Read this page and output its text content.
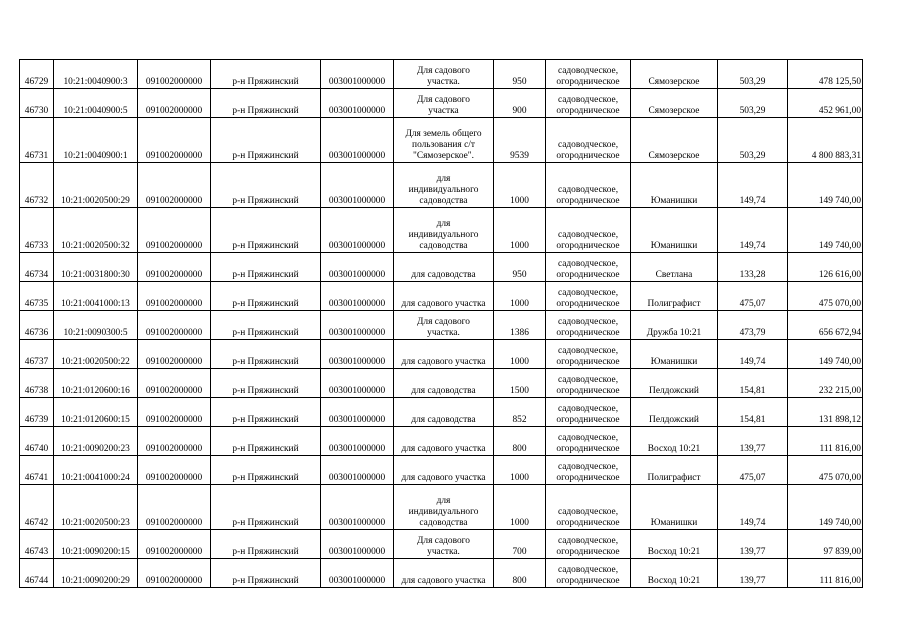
46729	10:21:0040900:3	091002000000	р-н Пряжинский	003001000000	Для садового
участка.	950	садоводческое,
огородническое	Сямозерское	503,29	478 125,50
46730	10:21:0040900:5	091002000000	р-н Пряжинский	003001000000	Для садового
участка	900	садоводческое,
огородническое	Сямозерское	503,29	452 961,00
46731	10:21:0040900:1	091002000000	р-н Пряжинский	003001000000	Для земель общего
пользования с/т
"Сямозерское".	9539	садоводческое,
огородническое	Сямозерское	503,29	4 800 883,31
46732	10:21:0020500:29	091002000000	р-н Пряжинский	003001000000	для
индивидуального
садоводства	1000	садоводческое,
огородническое	Юманишки	149,74	149 740,00
46733	10:21:0020500:32	091002000000	р-н Пряжинский	003001000000	для
индивидуального
садоводства	1000	садоводческое,
огородническое	Юманишки	149,74	149 740,00
46734	10:21:0031800:30	091002000000	р-н Пряжинский	003001000000	для садоводства	950	садоводческое,
огородническое	Светлана	133,28	126 616,00
46735	10:21:0041000:13	091002000000	р-н Пряжинский	003001000000	для садового участка	1000	садоводческое,
огородническое	Полиграфист	475,07	475 070,00
46736	10:21:0090300:5	091002000000	р-н Пряжинский	003001000000	Для садового
участка.	1386	садоводческое,
огородническое	Дружба 10:21	473,79	656 672,94
46737	10:21:0020500:22	091002000000	р-н Пряжинский	003001000000	для садового участка	1000	садоводческое,
огородническое	Юманишки	149,74	149 740,00
46738	10:21:0120600:16	091002000000	р-н Пряжинский	003001000000	для садоводства	1500	садоводческое,
огородническое	Пелдожский	154,81	232 215,00
46739	10:21:0120600:15	091002000000	р-н Пряжинский	003001000000	для садоводства	852	садоводческое,
огородническое	Пелдожский	154,81	131 898,12
46740	10:21:0090200:23	091002000000	р-н Пряжинский	003001000000	для садового участка	800	садоводческое,
огородническое	Восход 10:21	139,77	111 816,00
46741	10:21:0041000:24	091002000000	р-н Пряжинский	003001000000	для садового участка	1000	садоводческое,
огородническое	Полиграфист	475,07	475 070,00
46742	10:21:0020500:23	091002000000	р-н Пряжинский	003001000000	для
индивидуального
садоводства	1000	садоводческое,
огородническое	Юманишки	149,74	149 740,00
46743	10:21:0090200:15	091002000000	р-н Пряжинский	003001000000	Для садового
участка.	700	садоводческое,
огородническое	Восход 10:21	139,77	97 839,00
46744	10:21:0090200:29	091002000000	р-н Пряжинский	003001000000	для садового участка	800	садоводческое,
огородническое	Восход 10:21	139,77	111 816,00
